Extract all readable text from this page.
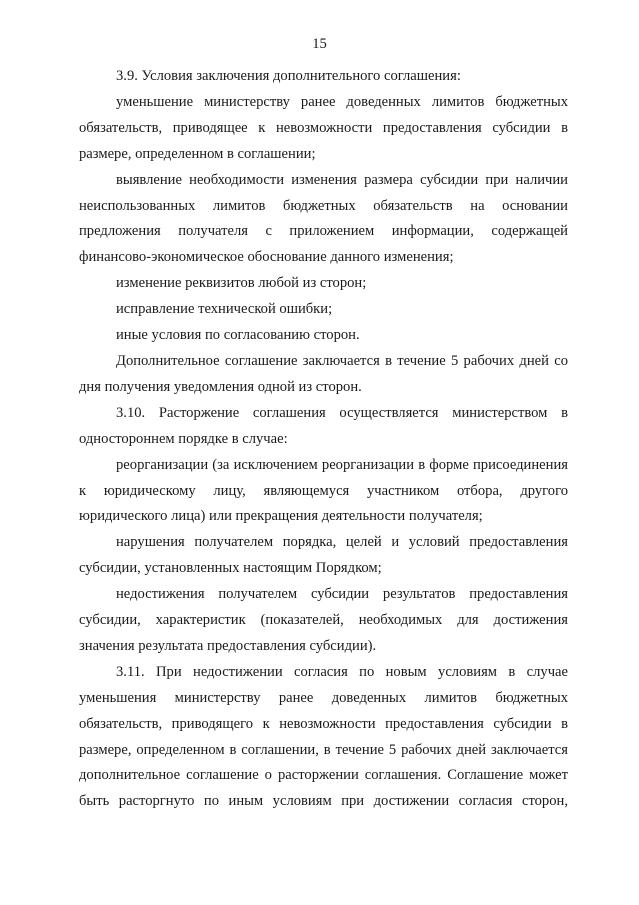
15

3.9. Условия заключения дополнительного соглашения:

уменьшение министерству ранее доведенных лимитов бюджетных обязательств, приводящее к невозможности предоставления субсидии в размере, определенном в соглашении;

выявление необходимости изменения размера субсидии при наличии неиспользованных лимитов бюджетных обязательств на основании предложения получателя с приложением информации, содержащей финансово-экономическое обоснование данного изменения;

изменение реквизитов любой из сторон;

исправление технической ошибки;

иные условия по согласованию сторон.

Дополнительное соглашение заключается в течение 5 рабочих дней со дня получения уведомления одной из сторон.

3.10. Расторжение соглашения осуществляется министерством в одностороннем порядке в случае:

реорганизации (за исключением реорганизации в форме присоединения к юридическому лицу, являющемуся участником отбора, другого юридического лица) или прекращения деятельности получателя;

нарушения получателем порядка, целей и условий предоставления субсидии, установленных настоящим Порядком;

недостижения получателем субсидии результатов предоставления субсидии, характеристик (показателей, необходимых для достижения значения результата предоставления субсидии).

3.11. При недостижении согласия по новым условиям в случае уменьшения министерству ранее доведенных лимитов бюджетных обязательств, приводящего к невозможности предоставления субсидии в размере, определенном в соглашении, в течение 5 рабочих дней заключается дополнительное соглашение о расторжении соглашения. Соглашение может быть расторгнуто по иным условиям при достижении согласия сторон,
